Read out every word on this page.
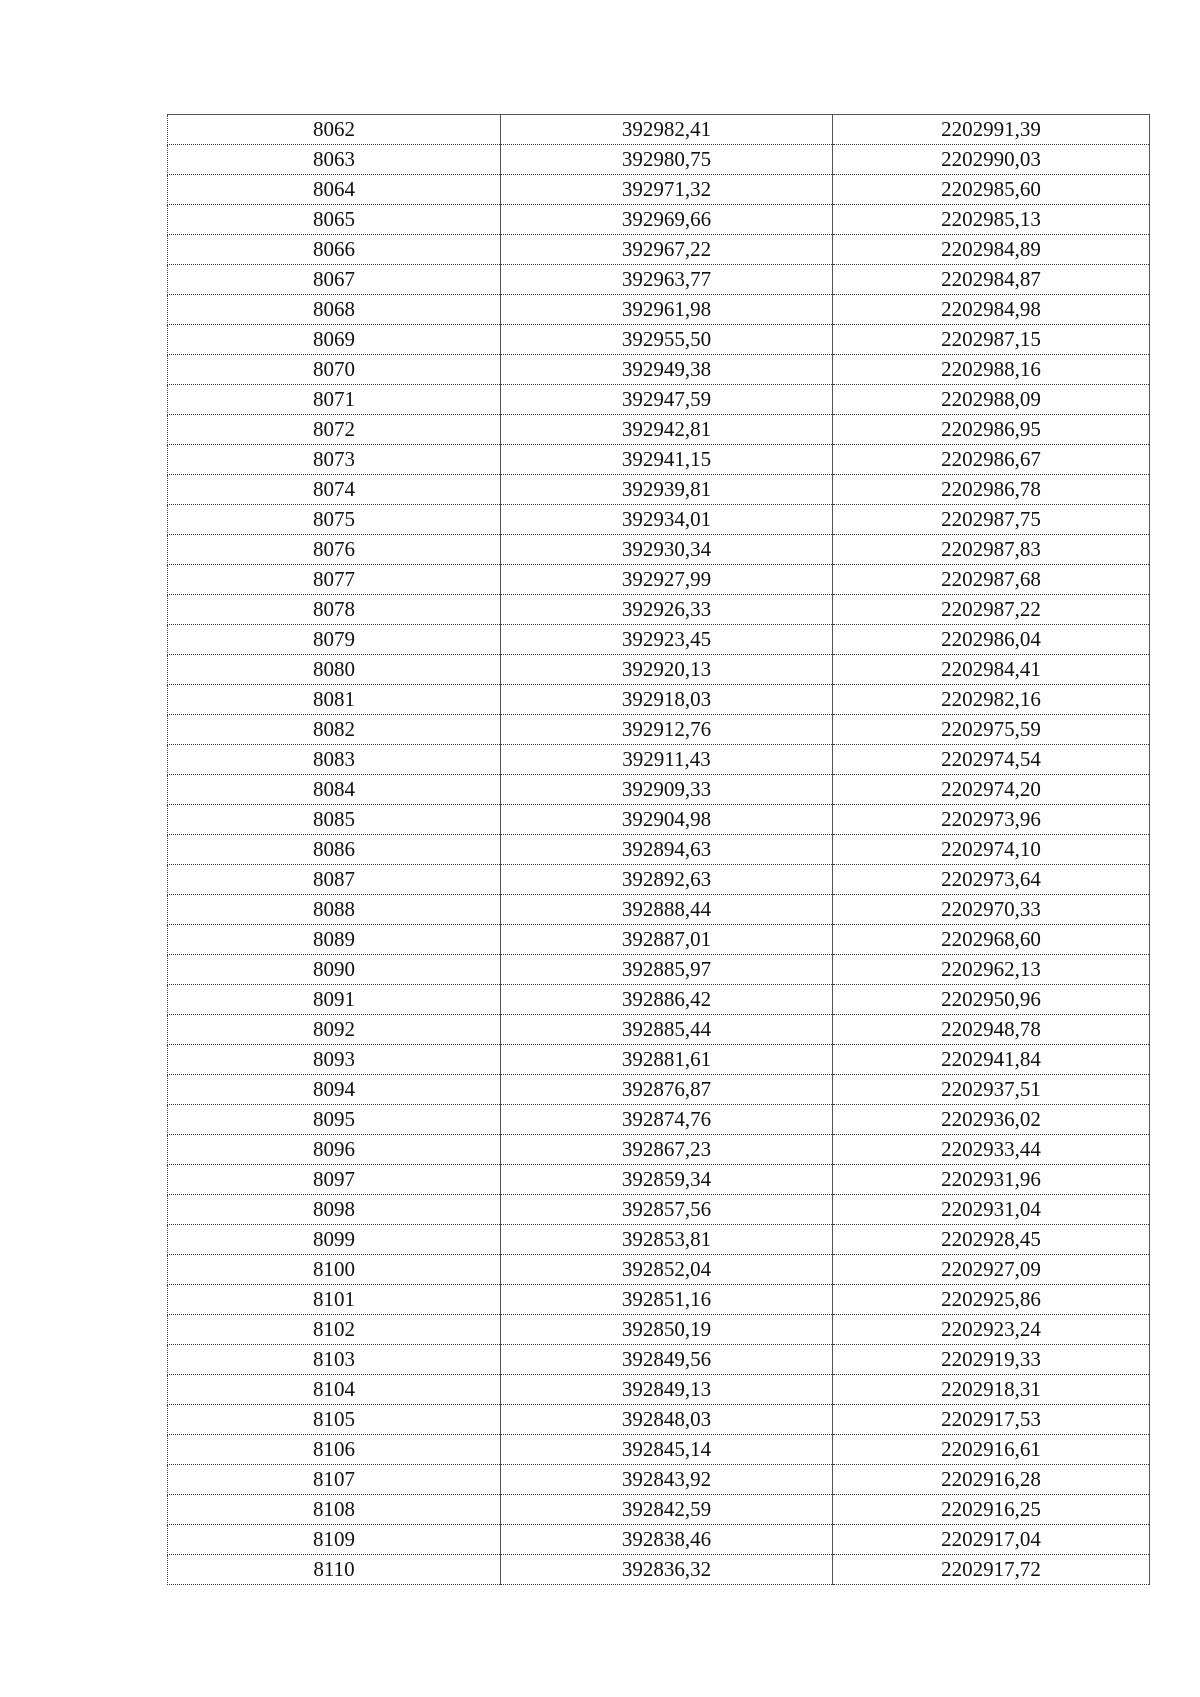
8062	392982,41	2202991,39
8063	392980,75	2202990,03
8064	392971,32	2202985,60
8065	392969,66	2202985,13
8066	392967,22	2202984,89
8067	392963,77	2202984,87
8068	392961,98	2202984,98
8069	392955,50	2202987,15
8070	392949,38	2202988,16
8071	392947,59	2202988,09
8072	392942,81	2202986,95
8073	392941,15	2202986,67
8074	392939,81	2202986,78
8075	392934,01	2202987,75
8076	392930,34	2202987,83
8077	392927,99	2202987,68
8078	392926,33	2202987,22
8079	392923,45	2202986,04
8080	392920,13	2202984,41
8081	392918,03	2202982,16
8082	392912,76	2202975,59
8083	392911,43	2202974,54
8084	392909,33	2202974,20
8085	392904,98	2202973,96
8086	392894,63	2202974,10
8087	392892,63	2202973,64
8088	392888,44	2202970,33
8089	392887,01	2202968,60
8090	392885,97	2202962,13
8091	392886,42	2202950,96
8092	392885,44	2202948,78
8093	392881,61	2202941,84
8094	392876,87	2202937,51
8095	392874,76	2202936,02
8096	392867,23	2202933,44
8097	392859,34	2202931,96
8098	392857,56	2202931,04
8099	392853,81	2202928,45
8100	392852,04	2202927,09
8101	392851,16	2202925,86
8102	392850,19	2202923,24
8103	392849,56	2202919,33
8104	392849,13	2202918,31
8105	392848,03	2202917,53
8106	392845,14	2202916,61
8107	392843,92	2202916,28
8108	392842,59	2202916,25
8109	392838,46	2202917,04
8110	392836,32	2202917,72
